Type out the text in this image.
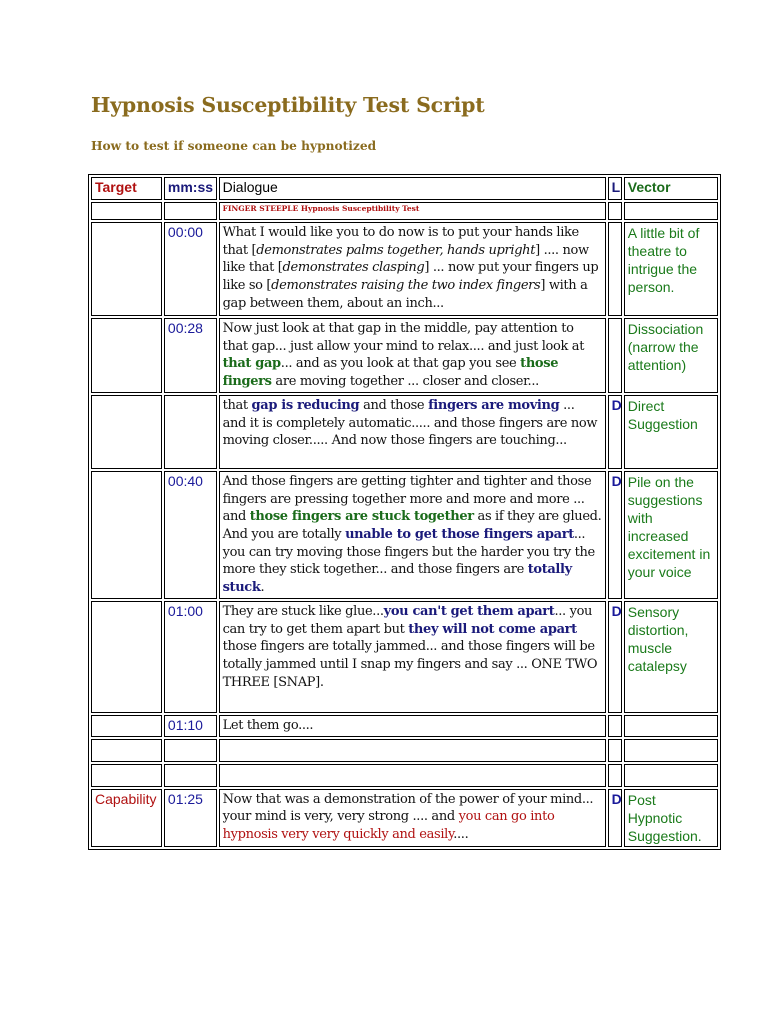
Hypnosis Susceptibility Test Script
How to test if someone can be hypnotized
Target	mm:ss	Dialogue	L	Vector
		FINGER STEEPLE Hypnosis Susceptibility Test		
	00:00	What I would like you to do now is to put your hands like that [demonstrates palms together, hands upright] .... now like that [demonstrates clasping] ... now put your fingers up like so [demonstrates raising the two index fingers] with a gap between them, about an inch...		A little bit of theatre to intrigue the person.
	00:28	Now just look at that gap in the middle, pay attention to that gap... just allow your mind to relax.... and just look at that gap... and as you look at that gap you see those fingers are moving together ... closer and closer...		Dissociation (narrow the attention)
		that gap is reducing and those fingers are moving ... and it is completely automatic..... and those fingers are now moving closer..... And now those fingers are touching...	D	Direct Suggestion
	00:40	And those fingers are getting tighter and tighter and those fingers are pressing together more and more and more ... and those fingers are stuck together as if they are glued. And you are totally unable to get those fingers apart... you can try moving those fingers but the harder you try the more they stick together... and those fingers are totally stuck.	D	Pile on the suggestions with increased excitement in your voice
	01:00	They are stuck like glue...you can't get them apart... you can try to get them apart but they will not come apart those fingers are totally jammed... and those fingers will be totally jammed until I snap my fingers and say ... ONE TWO THREE [SNAP].	D	Sensory distortion, muscle catalepsy
	01:10	Let them go....		

Capability	01:25	Now that was a demonstration of the power of your mind... your mind is very, very strong .... and you can go into hypnosis very very quickly and easily....	D	Post Hypnotic Suggestion.
